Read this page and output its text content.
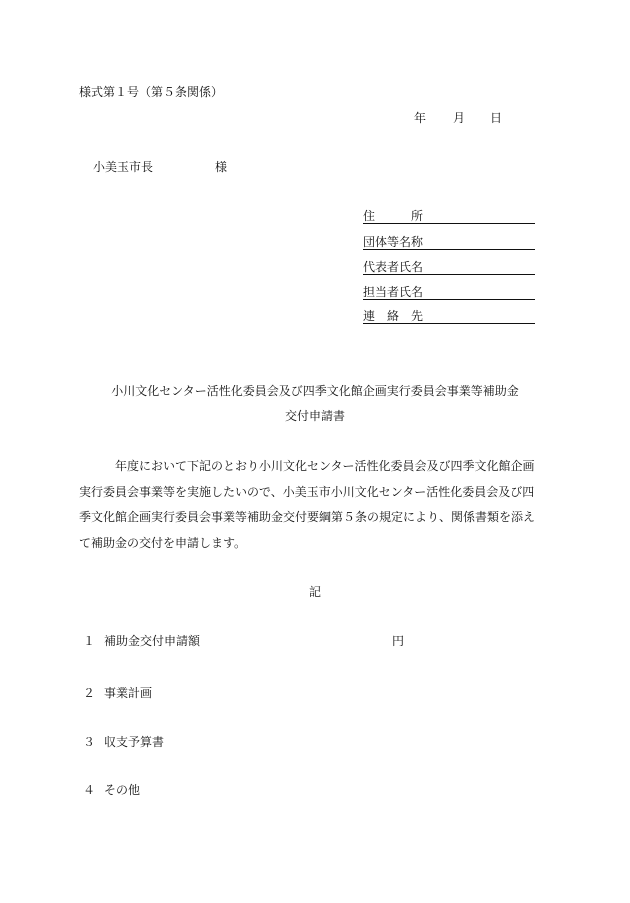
様式第１号（第５条関係）
年 月 日
小美玉市長	様
住	所
団体等名称
代表者氏名
担当者氏名
連 絡 先
小川文化センター活性化委員会及び四季文化館企画実行委員会事業等補助金
交付申請書
年度において下記のとおり小川文化センター活性化委員会及び四季文化館企画
実行委員会事業等を実施したいので、小美玉市小川文化センター活性化委員会及び四
季文化館企画実行委員会事業等補助金交付要綱第５条の規定により、関係書類を添え
て補助金の交付を申請します。
記
１ 補助金交付申請額	円
２ 事業計画
３ 収支予算書
４ その他
